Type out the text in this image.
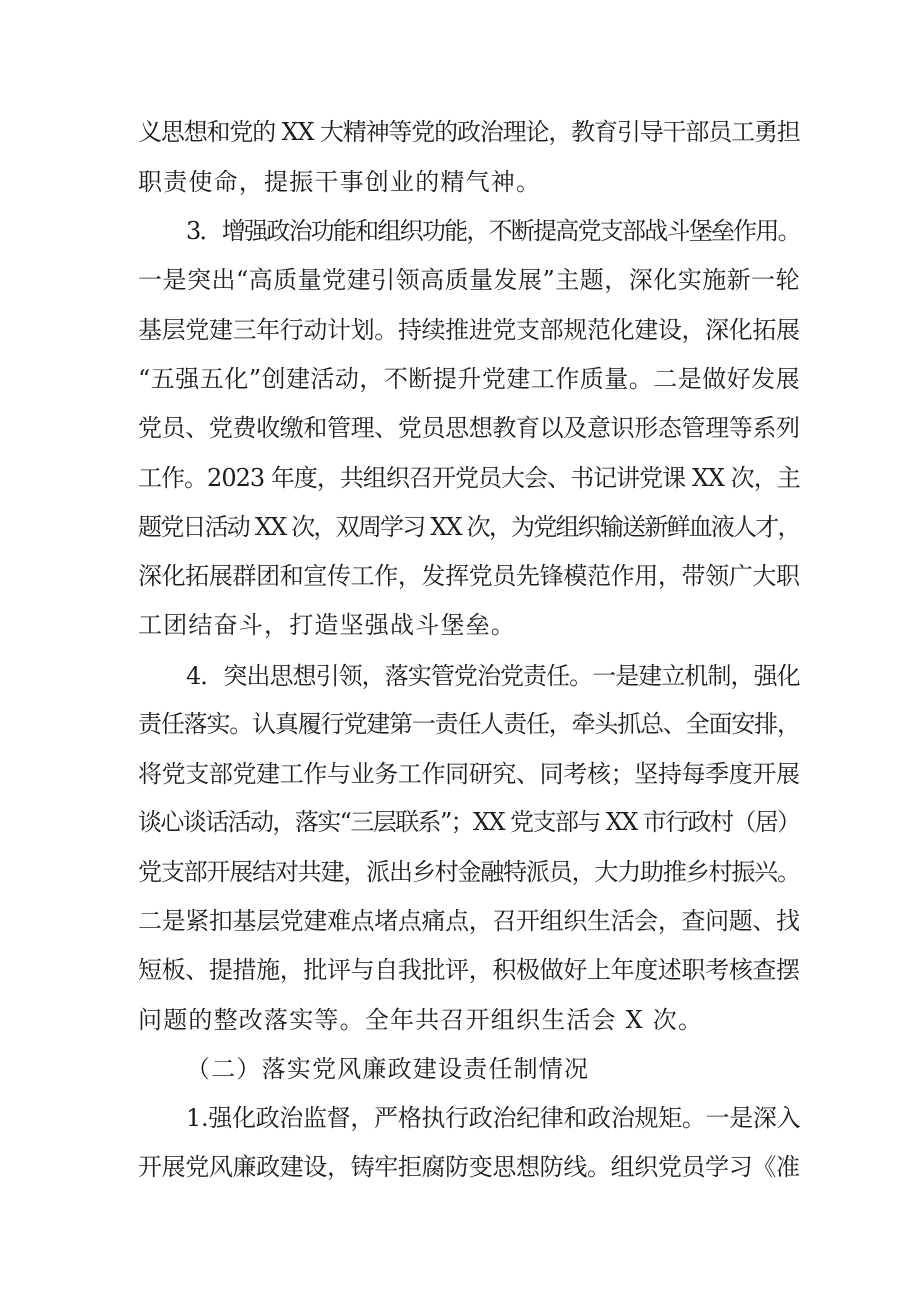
义思想和党的 XX 大精神等党的政治理论，教育引导干部员工勇担

职责使命，提振干事创业的精气神。

3．增强政治功能和组织功能，不断提高党支部战斗堡垒作用。

一是突出“高质量党建引领高质量发展”主题，深化实施新一轮

基层党建三年行动计划。持续推进党支部规范化建设，深化拓展

“五强五化”创建活动，不断提升党建工作质量。二是做好发展

党员、党费收缴和管理、党员思想教育以及意识形态管理等系列

工作。2023 年度，共组织召开党员大会、书记讲党课 XX 次，主

题党日活动 XX 次，双周学习 XX 次，为党组织输送新鲜血液人才，

深化拓展群团和宣传工作，发挥党员先锋模范作用，带领广大职

工团结奋斗，打造坚强战斗堡垒。

4．突出思想引领，落实管党治党责任。一是建立机制，强化

责任落实。认真履行党建第一责任人责任，牵头抓总、全面安排，

将党支部党建工作与业务工作同研究、同考核；坚持每季度开展

谈心谈话活动，落实“三层联系”；XX 党支部与 XX 市行政村（居）

党支部开展结对共建，派出乡村金融特派员，大力助推乡村振兴。

二是紧扣基层党建难点堵点痛点，召开组织生活会，查问题、找

短板、提措施，批评与自我批评，积极做好上年度述职考核查摆

问题的整改落实等。全年共召开组织生活会 X 次。

（二）落实党风廉政建设责任制情况

1.强化政治监督，严格执行政治纪律和政治规矩。一是深入

开展党风廉政建设，铸牢拒腐防变思想防线。组织党员学习《准
